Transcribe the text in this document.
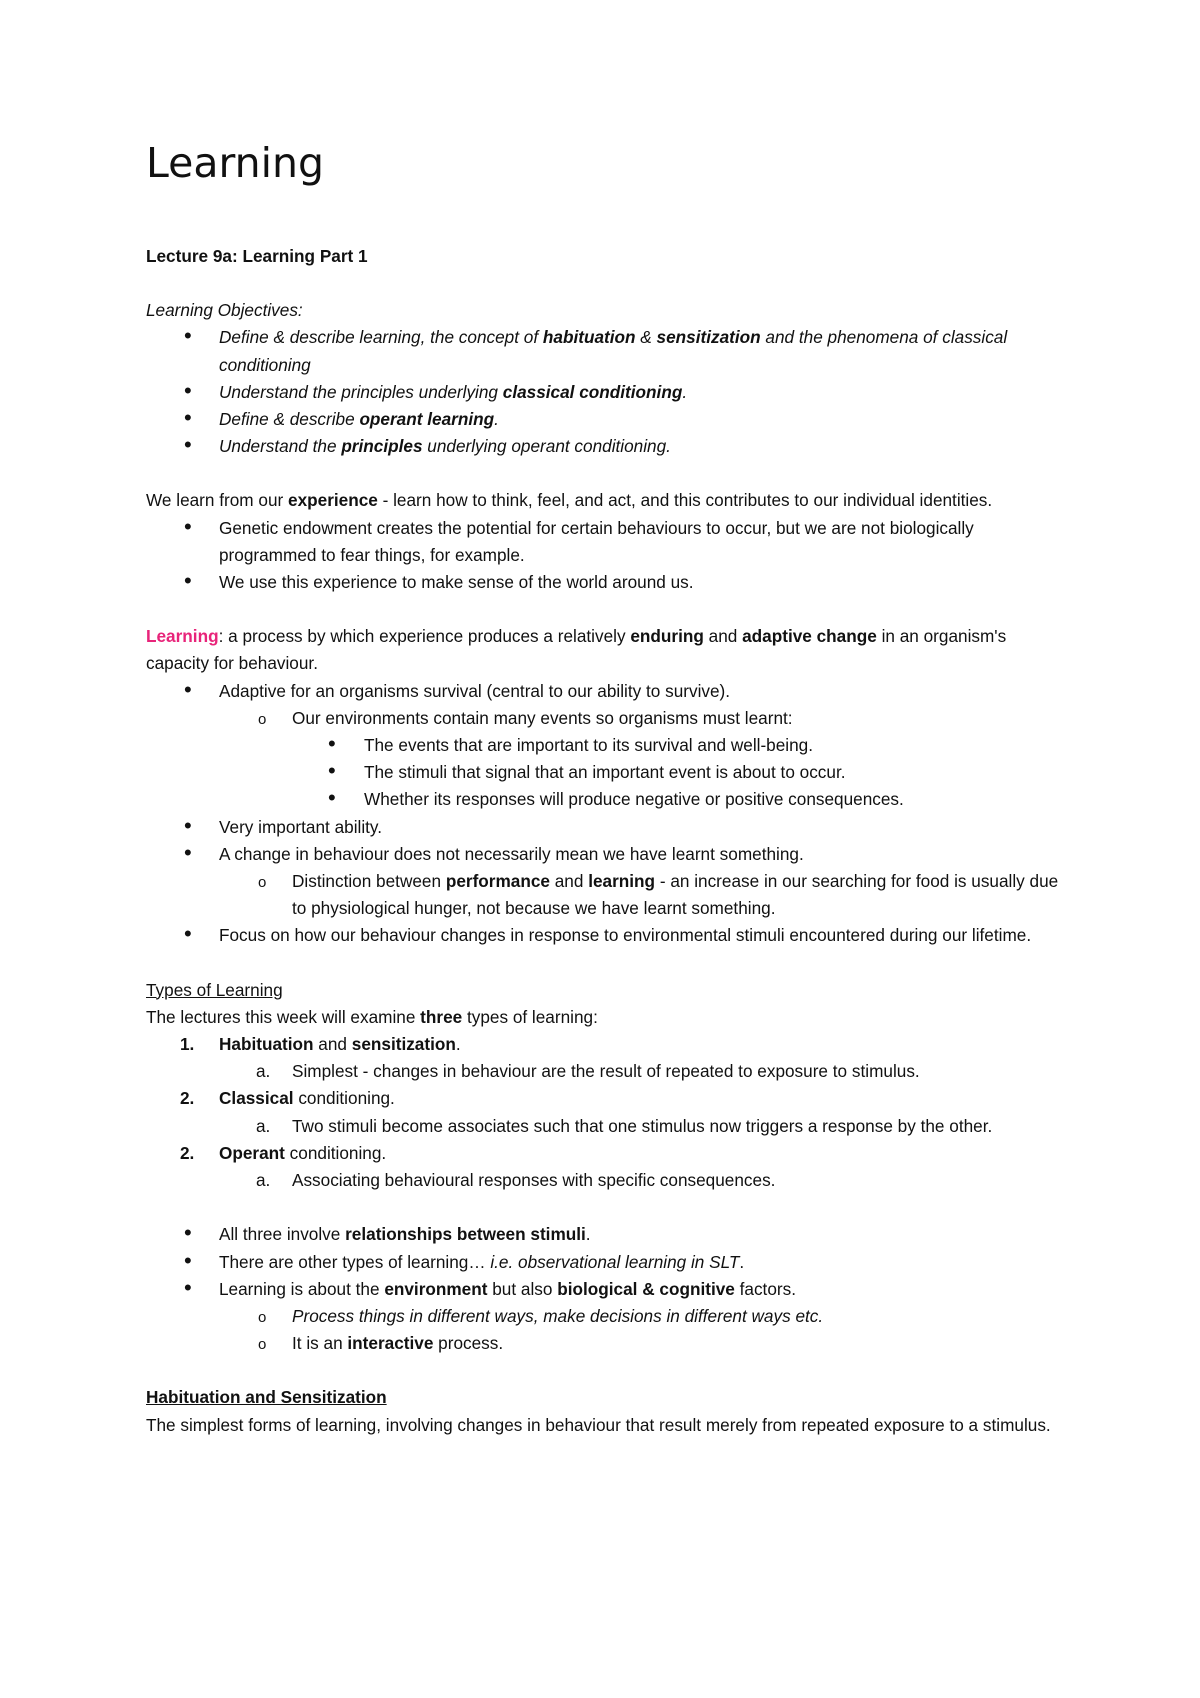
Learning

Lecture 9a: Learning Part 1

Learning Objectives:

•
Define & describe learning, the concept of habituation & sensitization and the phenomena of classical conditioning
•
Understand the principles underlying classical conditioning.
•
Define & describe operant learning.
•
Understand the principles underlying operant conditioning.

We learn from our experience - learn how to think, feel, and act, and this contributes to our individual identities.

•
Genetic endowment creates the potential for certain behaviours to occur, but we are not biologically programmed to fear things, for example.
•
We use this experience to make sense of the world around us.

Learning: a process by which experience produces a relatively enduring and adaptive change in an organism's capacity for behaviour.

•
Adaptive for an organisms survival (central to our ability to survive).
o
Our environments contain many events so organisms must learnt:
•
The events that are important to its survival and well-being.
•
The stimuli that signal that an important event is about to occur.
•
Whether its responses will produce negative or positive consequences.
•
Very important ability.
•
A change in behaviour does not necessarily mean we have learnt something.
o
Distinction between performance and learning - an increase in our searching for food is usually due to physiological hunger, not because we have learnt something.
•
Focus on how our behaviour changes in response to environmental stimuli encountered during our lifetime.

Types of Learning

The lectures this week will examine three types of learning:

1. Habituation and sensitization.
a. Simplest - changes in behaviour are the result of repeated to exposure to stimulus.
2. Classical conditioning.
a. Two stimuli become associates such that one stimulus now triggers a response by the other.
2. Operant conditioning.
a. Associating behavioural responses with specific consequences.
•
All three involve relationships between stimuli.
•
There are other types of learning… i.e. observational learning in SLT.
•
Learning is about the environment but also biological & cognitive factors.
o
Process things in different ways, make decisions in different ways etc.
o
It is an interactive process.

Habituation and Sensitization

The simplest forms of learning, involving changes in behaviour that result merely from repeated exposure to a stimulus.
